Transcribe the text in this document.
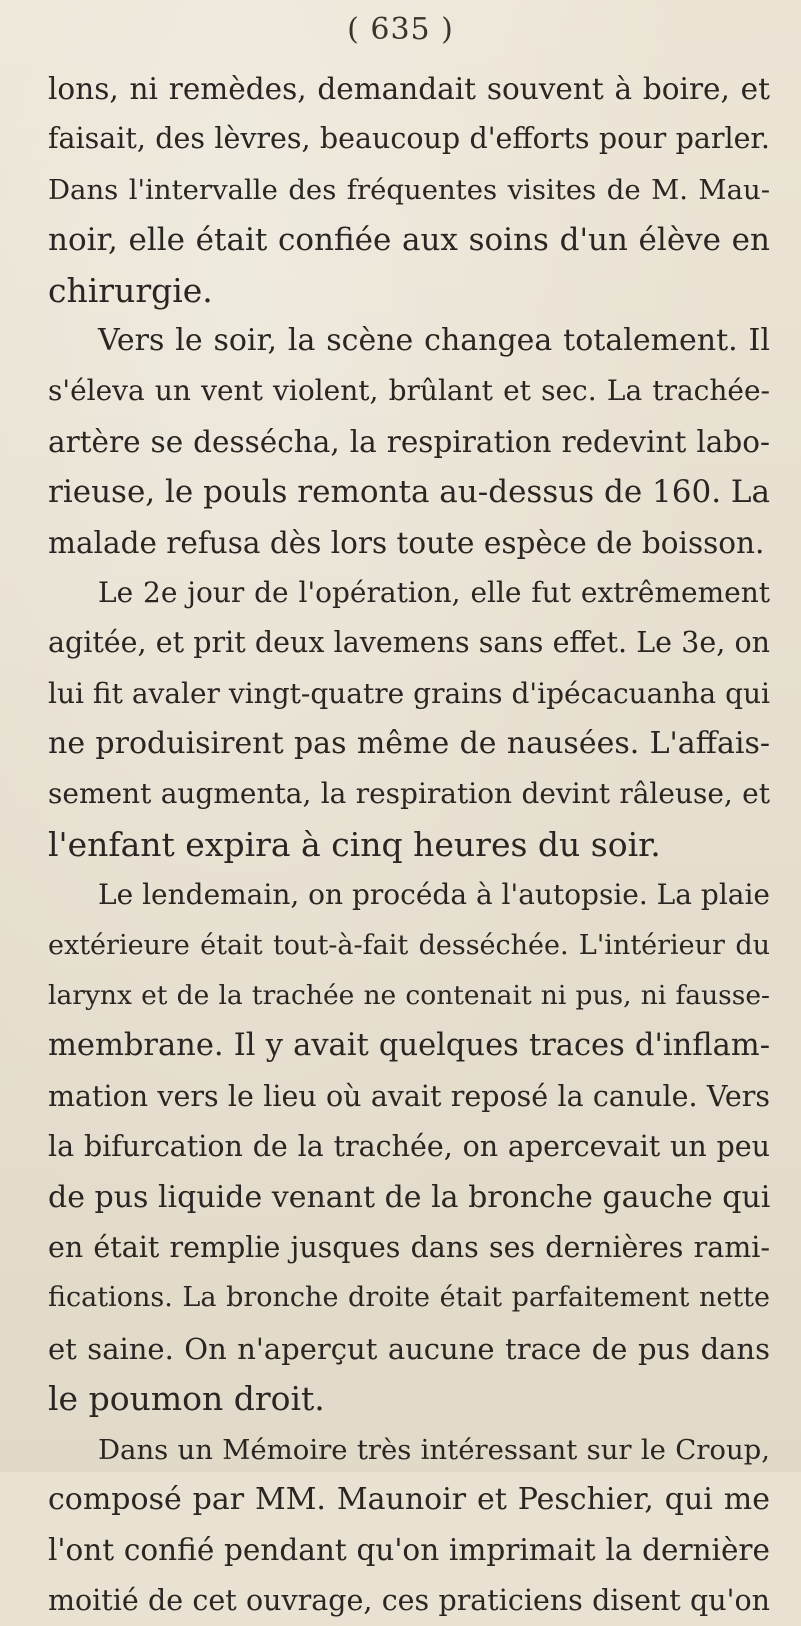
( 635 )
lons, ni remèdes, demandait souvent à boire, et
faisait, des lèvres, beaucoup d'efforts pour parler.
Dans l'intervalle des fréquentes visites de M. Mau-
noir, elle était confiée aux soins d'un élève en
chirurgie.
Vers le soir, la scène changea totalement. Il
s'éleva un vent violent, brûlant et sec. La trachée-
artère se dessécha, la respiration redevint labo-
rieuse, le pouls remonta au-dessus de 160. La
malade refusa dès lors toute espèce de boisson.
Le 2e jour de l'opération, elle fut extrêmement
agitée, et prit deux lavemens sans effet. Le 3e, on
lui fit avaler vingt-quatre grains d'ipécacuanha qui
ne produisirent pas même de nausées. L'affais-
sement augmenta, la respiration devint râleuse, et
l'enfant expira à cinq heures du soir.
Le lendemain, on procéda à l'autopsie. La plaie
extérieure était tout-à-fait desséchée. L'intérieur du
larynx et de la trachée ne contenait ni pus, ni fausse-
membrane. Il y avait quelques traces d'inflam-
mation vers le lieu où avait reposé la canule. Vers
la bifurcation de la trachée, on apercevait un peu
de pus liquide venant de la bronche gauche qui
en était remplie jusques dans ses dernières rami-
fications. La bronche droite était parfaitement nette
et saine. On n'aperçut aucune trace de pus dans
le poumon droit.
Dans un Mémoire très intéressant sur le Croup,
composé par MM. Maunoir et Peschier, qui me
l'ont confié pendant qu'on imprimait la dernière
moitié de cet ouvrage, ces praticiens disent qu'on
